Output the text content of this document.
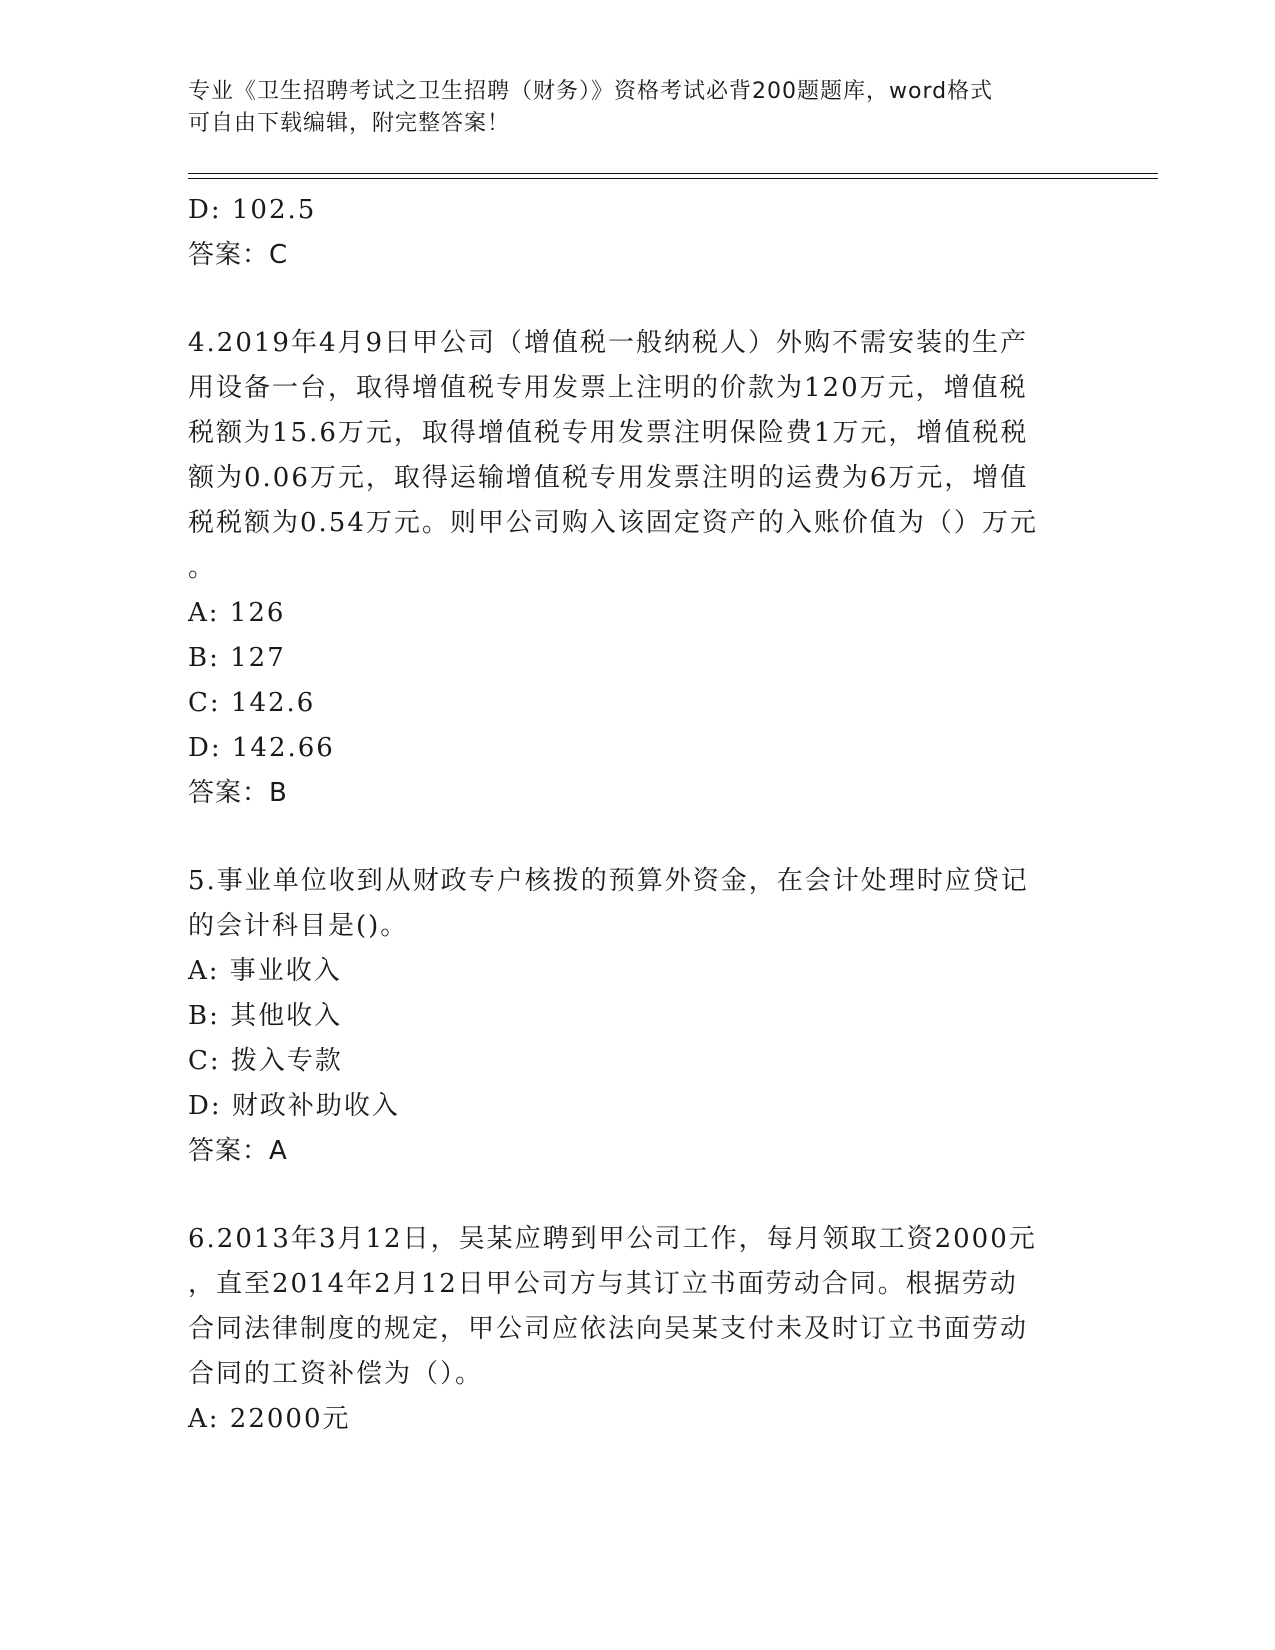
专业《卫生招聘考试之卫生招聘（财务）》资格考试必背200题题库，word格式
可自由下载编辑，附完整答案！
D: 102.5
答案：C
4.2019年4月9日甲公司（增值税一般纳税人）外购不需安装的生产
用设备一台，取得增值税专用发票上注明的价款为120万元，增值税
税额为15.6万元，取得增值税专用发票注明保险费1万元，增值税税
额为0.06万元，取得运输增值税专用发票注明的运费为6万元，增值
税税额为0.54万元。则甲公司购入该固定资产的入账价值为（）万元
。
A: 126
B: 127
C: 142.6
D: 142.66
答案：B
5.事业单位收到从财政专户核拨的预算外资金，在会计处理时应贷记
的会计科目是()。
A: 事业收入
B: 其他收入
C: 拨入专款
D: 财政补助收入
答案：A
6.2013年3月12日，吴某应聘到甲公司工作，每月领取工资2000元
，直至2014年2月12日甲公司方与其订立书面劳动合同。根据劳动
合同法律制度的规定，甲公司应依法向吴某支付未及时订立书面劳动
合同的工资补偿为（）。
A: 22000元
